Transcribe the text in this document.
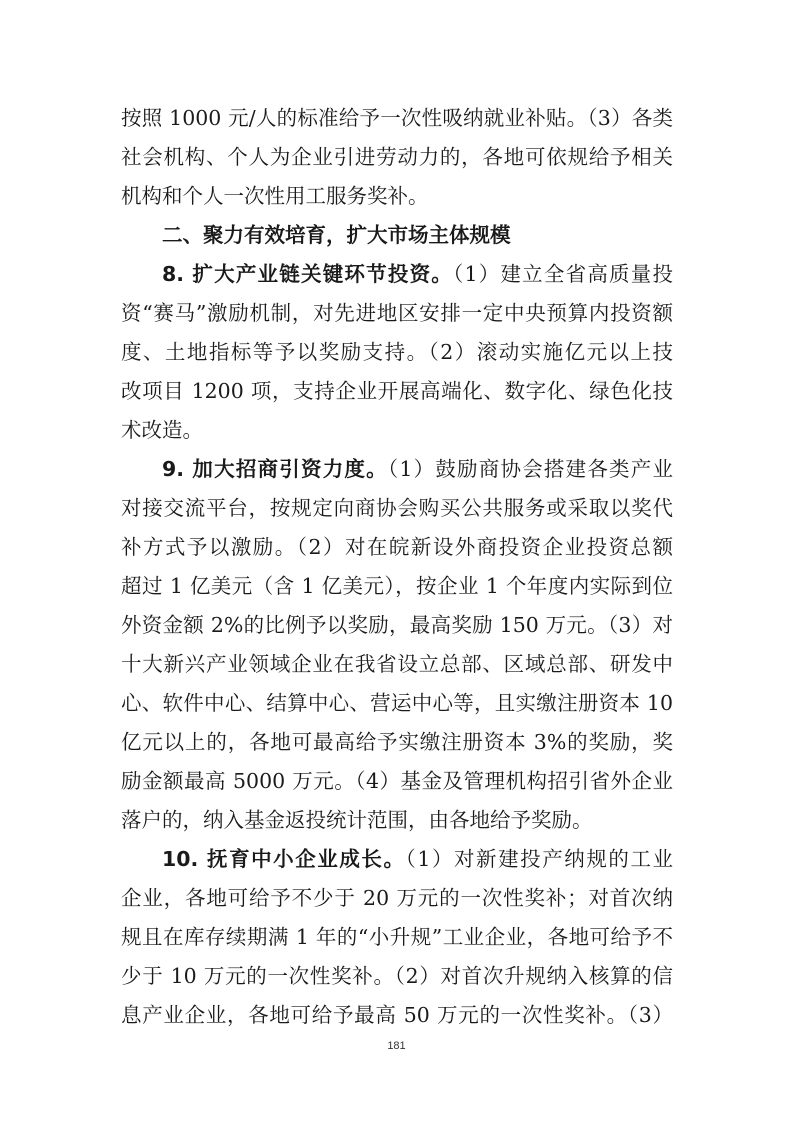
按照 1000 元/人的标准给予一次性吸纳就业补贴。（3）各类
社会机构、个人为企业引进劳动力的，各地可依规给予相关
机构和个人一次性用工服务奖补。
二、聚力有效培育，扩大市场主体规模
8. 扩大产业链关键环节投资。（1）建立全省高质量投
资“赛马”激励机制，对先进地区安排一定中央预算内投资额
度、土地指标等予以奖励支持。（2）滚动实施亿元以上技
改项目 1200 项，支持企业开展高端化、数字化、绿色化技
术改造。
9. 加大招商引资力度。（1）鼓励商协会搭建各类产业
对接交流平台，按规定向商协会购买公共服务或采取以奖代
补方式予以激励。（2）对在皖新设外商投资企业投资总额
超过 1 亿美元（含 1 亿美元），按企业 1 个年度内实际到位
外资金额 2%的比例予以奖励，最高奖励 150 万元。（3）对
十大新兴产业领域企业在我省设立总部、区域总部、研发中
心、软件中心、结算中心、营运中心等，且实缴注册资本 10
亿元以上的，各地可最高给予实缴注册资本 3%的奖励，奖
励金额最高 5000 万元。（4）基金及管理机构招引省外企业
落户的，纳入基金返投统计范围，由各地给予奖励。
10. 抚育中小企业成长。（1）对新建投产纳规的工业
企业，各地可给予不少于 20 万元的一次性奖补；对首次纳
规且在库存续期满 1 年的“小升规”工业企业，各地可给予不
少于 10 万元的一次性奖补。（2）对首次升规纳入核算的信
息产业企业，各地可给予最高 50 万元的一次性奖补。（3）
181
